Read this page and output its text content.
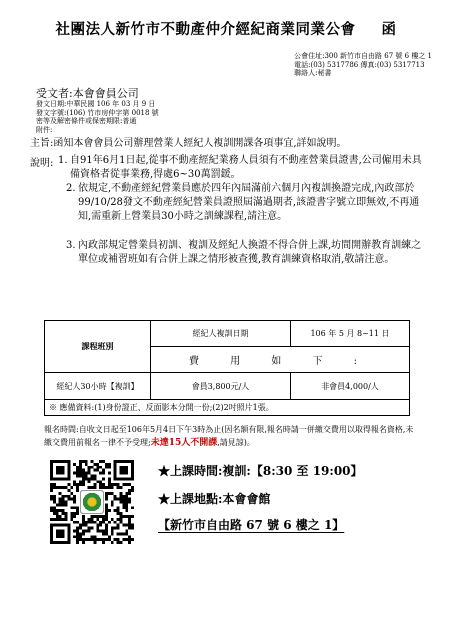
社團法人新竹市不動產仲介經紀商業同業公會 函
公會住址:300 新竹市自由路 67 號 6 樓之 1
電話:(03) 5317786 傳真:(03) 5317713
聯絡人:秘書
受文者:本會會員公司
發文日期:中華民國 106 年 03 月 9 日
發文字號:(106) 竹市房仲字第 0018 號
密等及解密條件或保密期限:普通
附件:
主旨:函知本會會員公司辦理營業人經紀人複訓開課各項事宜,詳如說明。
說明: 1. 自91年6月1日起,從事不動產經紀業務人員須有不動產營業員證書,公司僱用未具備資格者從事業務,得處6~30萬罰鍰。
2. 依規定,不動產經紀營業員應於四年內屆滿前六個月內複訓換證完成,內政部於99/10/28發文不動產經紀營業員證照屆滿過期者,該證書字號立即無效,不再通知,需重新上營業員30小時之訓練課程,請注意。
3. 內政部規定營業員初訓、複訓及經紀人換證不得合併上課,坊間開辦教育訓練之單位或補習班如有合併上課之情形被查獲,教育訓練資格取消,敬請注意。
課程班別	經紀人複訓日期	106 年 5 月 8~11 日
	費 用 如 下 :	
經紀人30小時【複訓】	會員3,800元/人	非會員4,000/人
※ 應備資料:(1)身份證正、反面影本分開一份;(2)2吋照片1張。		
報名時間:自收文日起至106年5月4日下午3時為止(因名額有限,報名時請一併繳交費用以取得報名資格,未繳交費用前報名一律不予受理;未達15人不開課,請見諒)。
★上課時間:複訓:【8:30 至 19:00】
★上課地點:本會會館
【新竹市自由路 67 號 6 樓之 1】
